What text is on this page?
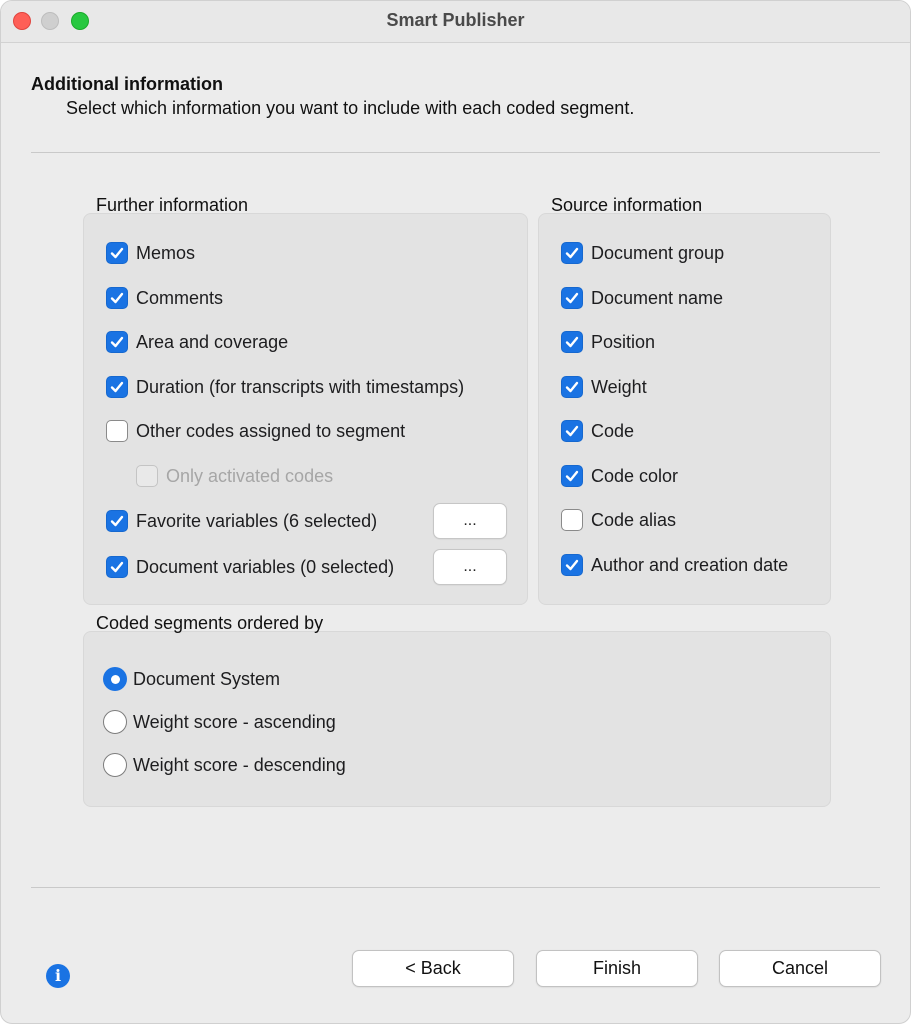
Smart Publisher
Additional information
Select which information you want to include with each coded segment.
Further information
Memos
Comments
Area and coverage
Duration (for transcripts with timestamps)
Other codes assigned to segment
Only activated codes
Favorite variables (6 selected)	...
Document variables (0 selected)	...
Source information
Document group
Document name
Position
Weight
Code
Code color
Code alias
Author and creation date
Coded segments ordered by
Document System
Weight score - ascending
Weight score - descending
i	< Back	Finish	Cancel
